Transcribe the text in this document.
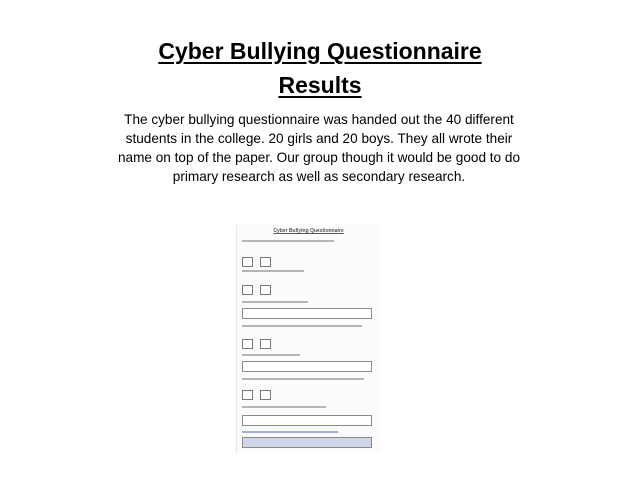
Cyber Bullying Questionnaire
Results
The cyber bullying questionnaire was handed out the 40 different students in the college. 20 girls and 20 boys. They all wrote their name on top of the paper. Our group though it would be good to do primary research as well as secondary research.
Cyber Bullying Questionnaire
·	·
·	·
·	·
·	·
